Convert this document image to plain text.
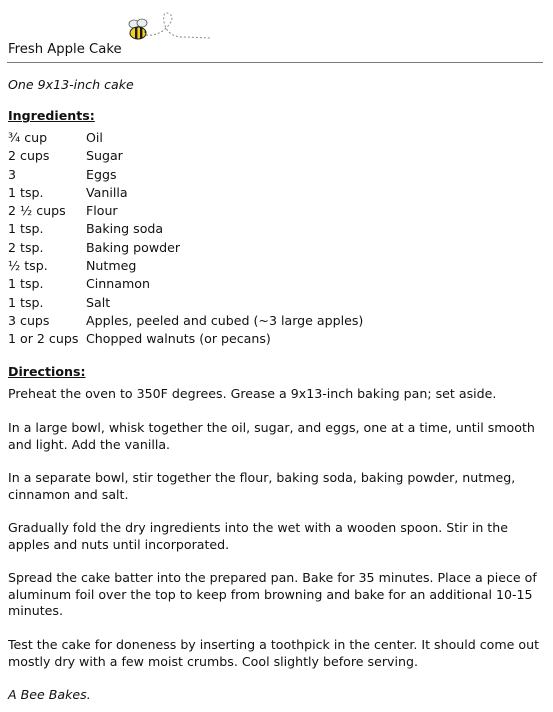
Fresh Apple Cake
One 9x13-inch cake
Ingredients:
¾ cup	Oil
2 cups	Sugar
3	Eggs
1 tsp.	Vanilla
2 ½ cups Flour
1 tsp.	Baking soda
2 tsp.	Baking powder
½ tsp.	Nutmeg
1 tsp.	Cinnamon
1 tsp.	Salt
3 cups	Apples, peeled and cubed (~3 large apples)
1 or 2 cups Chopped walnuts (or pecans)
Directions:
Preheat the oven to 350F degrees. Grease a 9x13-inch baking pan; set aside.
In a large bowl, whisk together the oil, sugar, and eggs, one at a time, until smooth and light. Add the vanilla.
In a separate bowl, stir together the flour, baking soda, baking powder, nutmeg, cinnamon and salt.
Gradually fold the dry ingredients into the wet with a wooden spoon. Stir in the apples and nuts until incorporated.
Spread the cake batter into the prepared pan. Bake for 35 minutes. Place a piece of aluminum foil over the top to keep from browning and bake for an additional 10-15 minutes.
Test the cake for doneness by inserting a toothpick in the center. It should come out mostly dry with a few moist crumbs. Cool slightly before serving.
A Bee Bakes.
